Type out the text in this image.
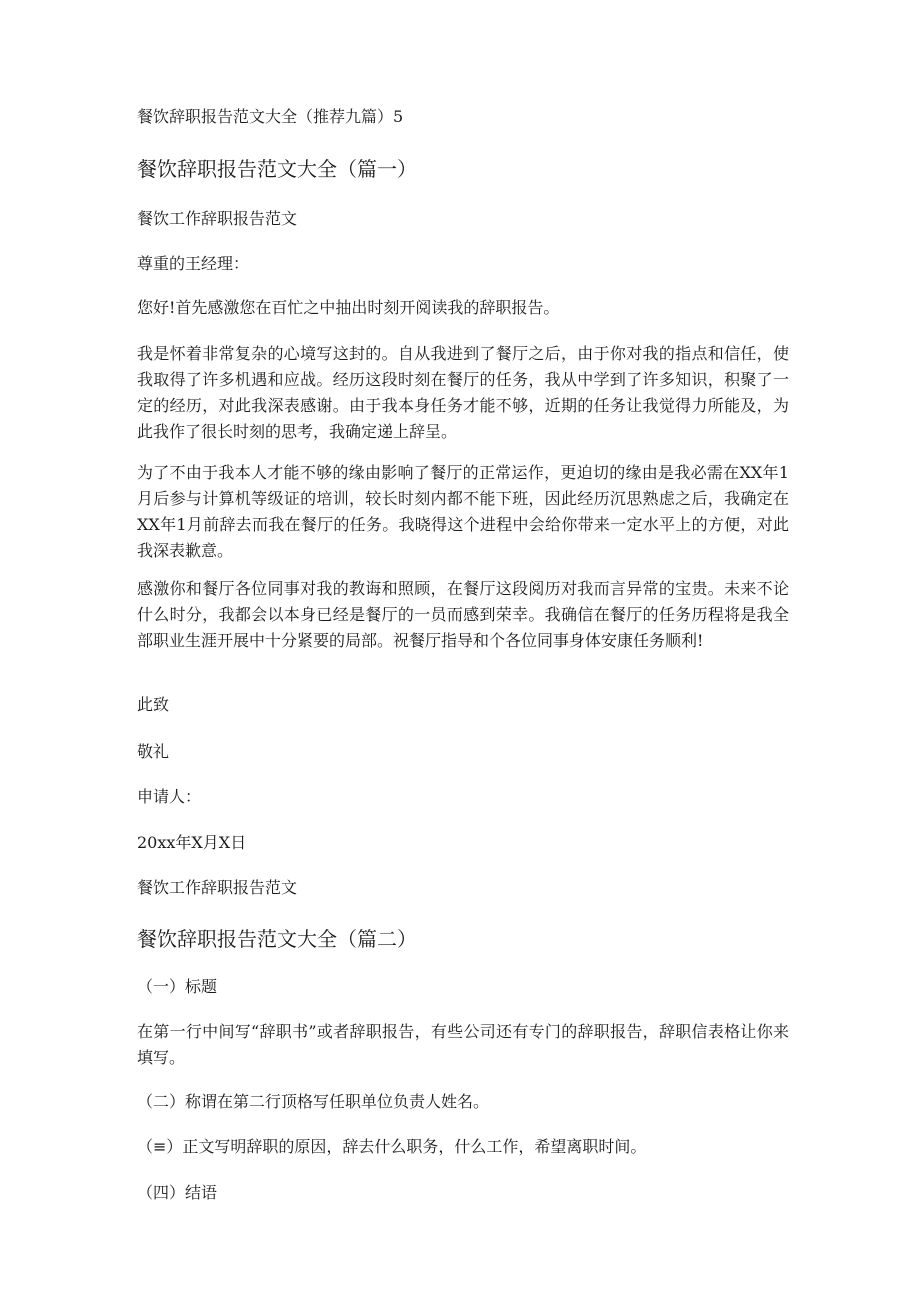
餐饮辞职报告范文大全（推荐九篇）5

餐饮辞职报告范文大全（篇一）

餐饮工作辞职报告范文

尊重的王经理：

您好!首先感激您在百忙之中抽出时刻开阅读我的辞职报告。

我是怀着非常复杂的心境写这封的。自从我进到了餐厅之后，由于你对我的指点和信任，使我取得了许多机遇和应战。经历这段时刻在餐厅的任务，我从中学到了许多知识，积聚了一定的经历，对此我深表感谢。由于我本身任务才能不够，近期的任务让我觉得力所能及，为此我作了很长时刻的思考，我确定递上辞呈。

为了不由于我本人才能不够的缘由影响了餐厅的正常运作，更迫切的缘由是我必需在XX年1月后参与计算机等级证的培训，较长时刻内都不能下班，因此经历沉思熟虑之后，我确定在XX年1月前辞去而我在餐厅的任务。我晓得这个进程中会给你带来一定水平上的方便，对此我深表歉意。

感激你和餐厅各位同事对我的教诲和照顾，在餐厅这段阅历对我而言异常的宝贵。未来不论什么时分，我都会以本身已经是餐厅的一员而感到荣幸。我确信在餐厅的任务历程将是我全部职业生涯开展中十分紧要的局部。祝餐厅指导和个各位同事身体安康任务顺利!

此致

敬礼

申请人：

20xx年X月X日

餐饮工作辞职报告范文

餐饮辞职报告范文大全（篇二）

（一）标题

在第一行中间写“辞职书”或者辞职报告，有些公司还有专门的辞职报告，辞职信表格让你来填写。

（二）称谓在第二行顶格写任职单位负责人姓名。

（≡）正文写明辞职的原因，辞去什么职务，什么工作，希望离职时间。

（四）结语
